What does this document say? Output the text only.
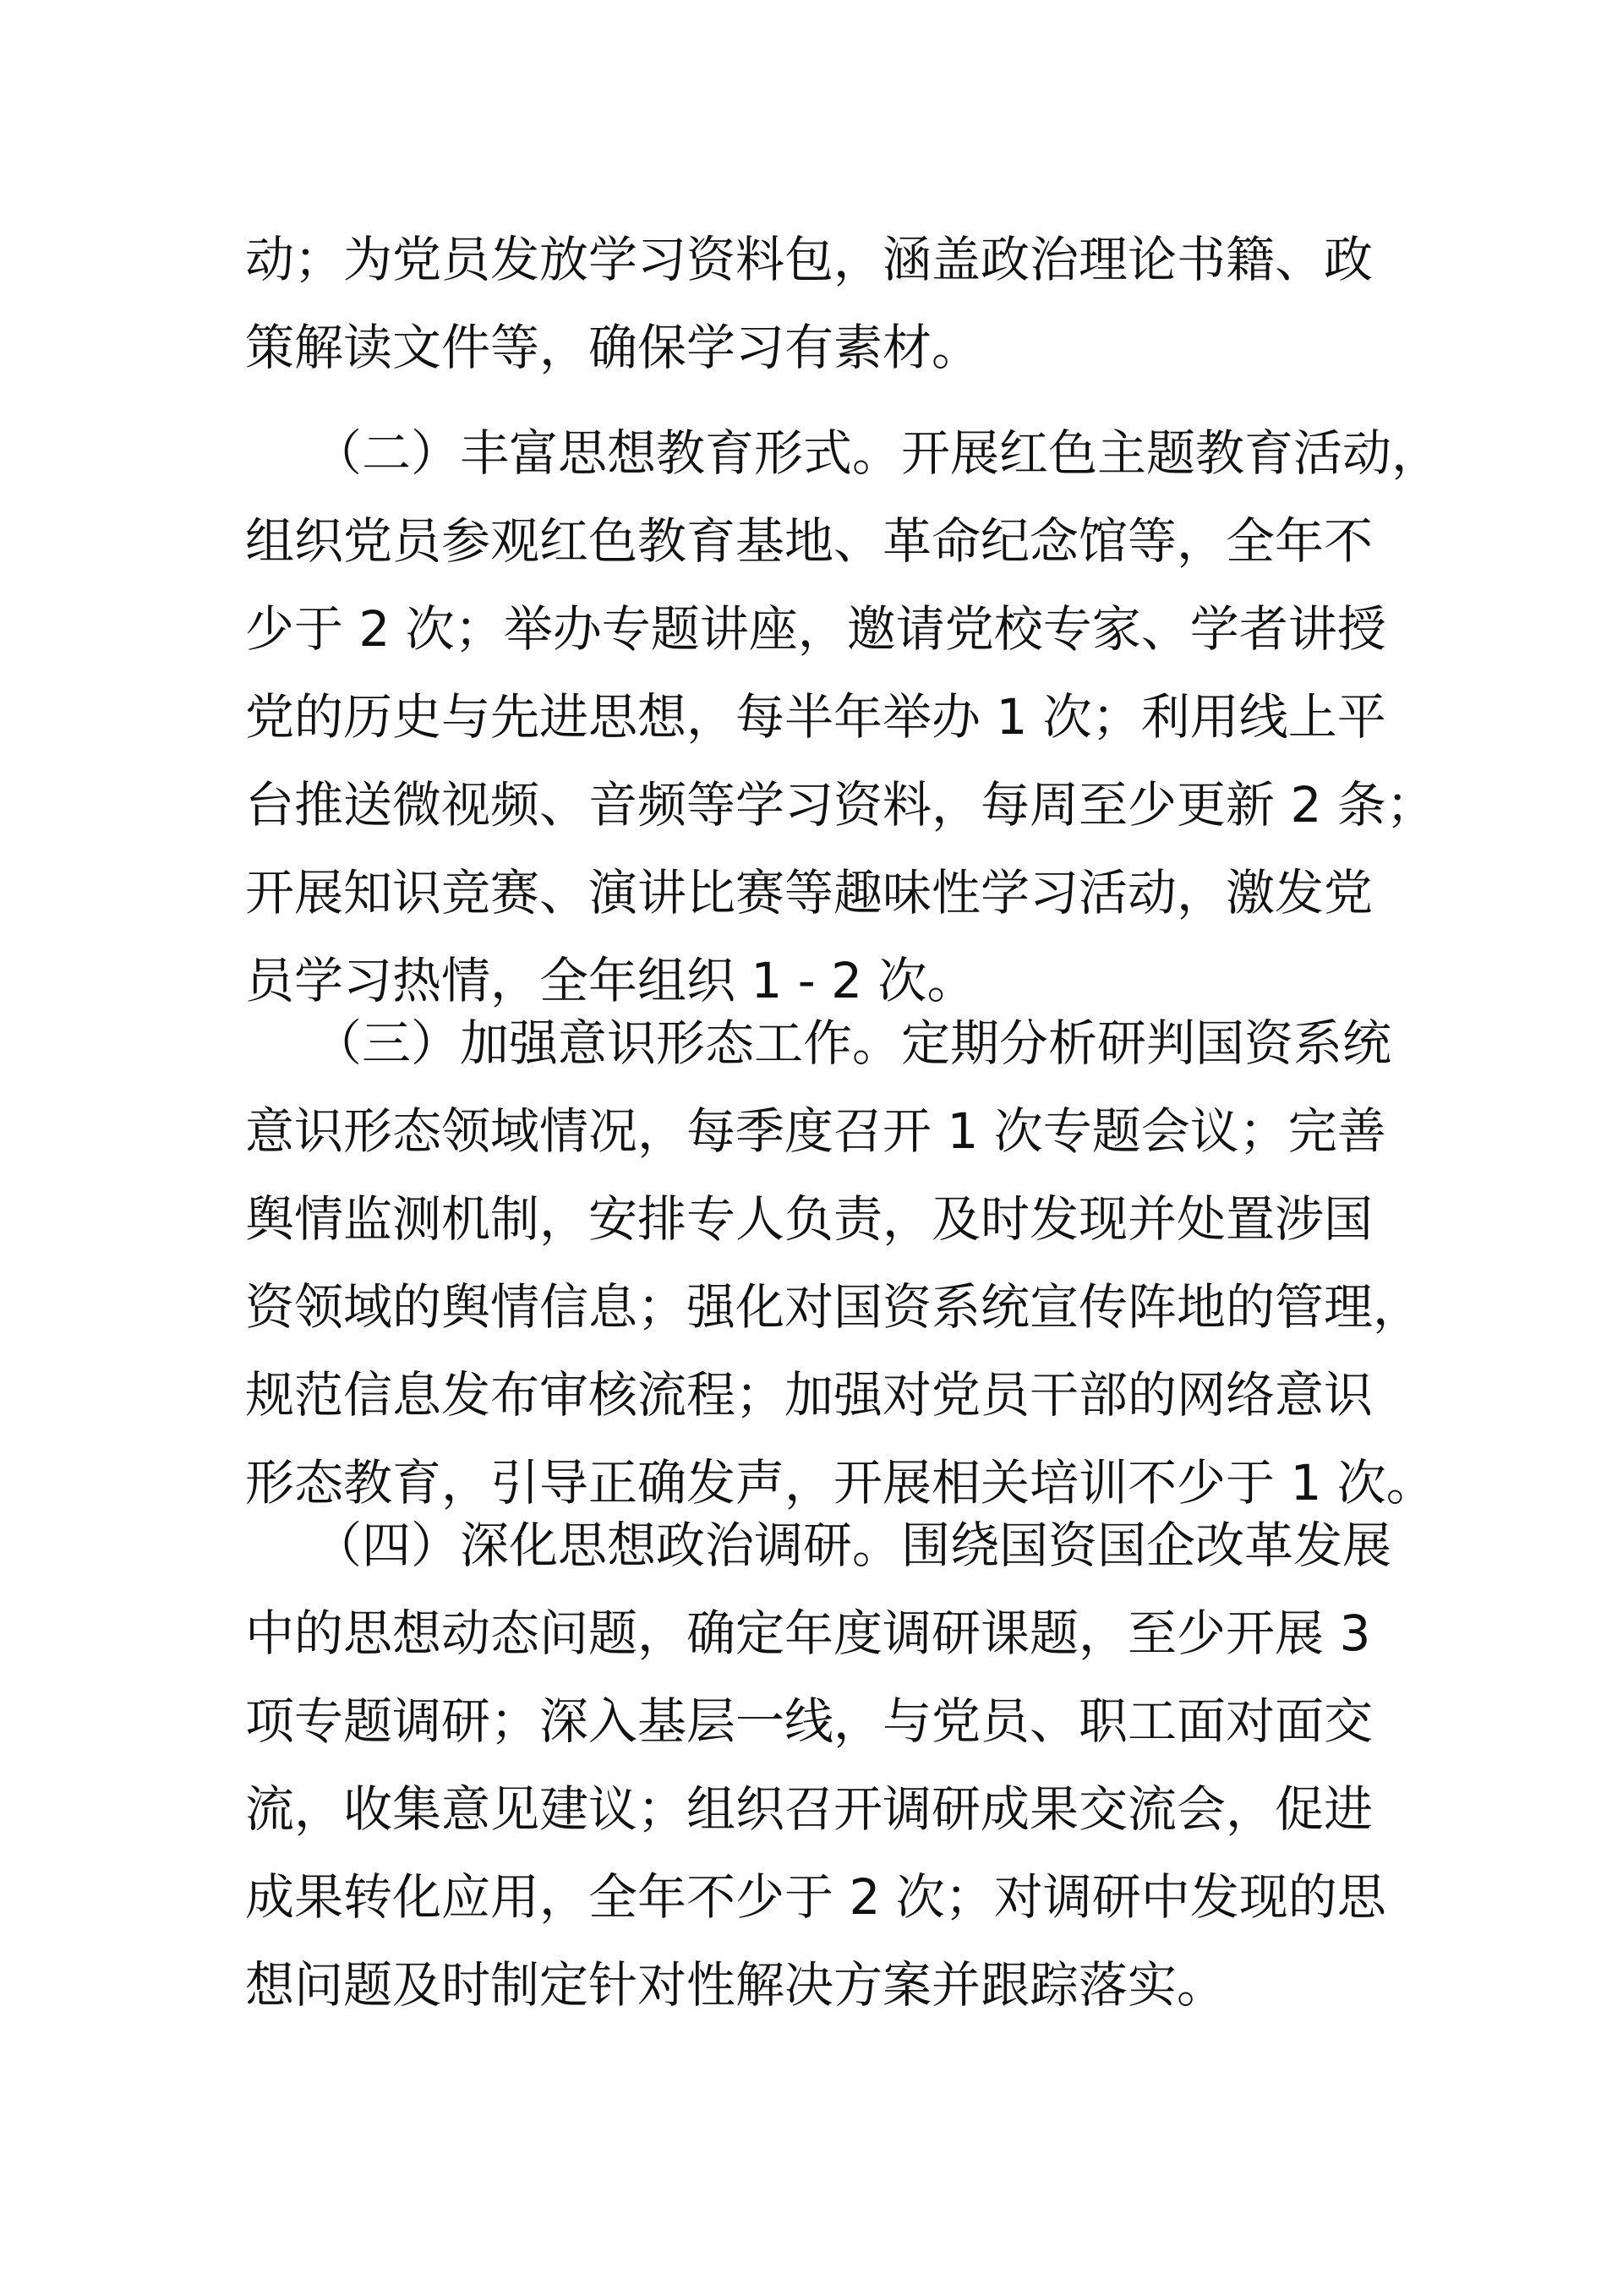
动；为党员发放学习资料包，涵盖政治理论书籍、政
策解读文件等，确保学习有素材。
（二）丰富思想教育形式。开展红色主题教育活动，
组织党员参观红色教育基地、革命纪念馆等，全年不
少于 2 次；举办专题讲座，邀请党校专家、学者讲授
党的历史与先进思想，每半年举办 1 次；利用线上平
台推送微视频、音频等学习资料，每周至少更新 2 条；
开展知识竞赛、演讲比赛等趣味性学习活动，激发党
员学习热情，全年组织 1 - 2 次。
（三）加强意识形态工作。定期分析研判国资系统
意识形态领域情况，每季度召开 1 次专题会议；完善
舆情监测机制，安排专人负责，及时发现并处置涉国
资领域的舆情信息；强化对国资系统宣传阵地的管理，
规范信息发布审核流程；加强对党员干部的网络意识
形态教育，引导正确发声，开展相关培训不少于 1 次。
（四）深化思想政治调研。围绕国资国企改革发展
中的思想动态问题，确定年度调研课题，至少开展 3
项专题调研；深入基层一线，与党员、职工面对面交
流，收集意见建议；组织召开调研成果交流会，促进
成果转化应用，全年不少于 2 次；对调研中发现的思
想问题及时制定针对性解决方案并跟踪落实。
